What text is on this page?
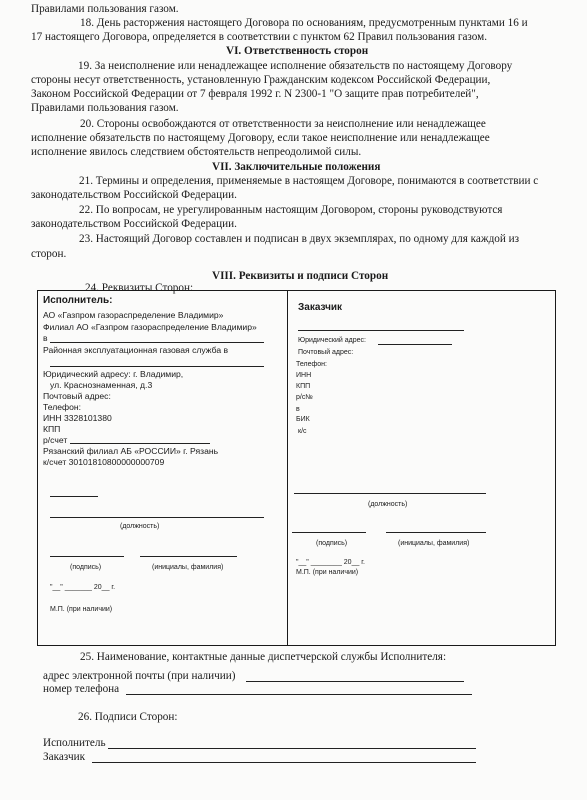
Правилами пользования газом.
18. День расторжения настоящего Договора по основаниям, предусмотренным пунктами 16 и
17 настоящего Договора, определяется в соответствии с пунктом 62 Правил пользования газом.
VI. Ответственность сторон
19. За неисполнение или ненадлежащее исполнение обязательств по настоящему Договору
стороны несут ответственность, установленную Гражданским кодексом Российской Федерации,
Законом Российской Федерации от 7 февраля 1992 г. N 2300-1 "О защите прав потребителей",
Правилами пользования газом.
20. Стороны освобождаются от ответственности за неисполнение или ненадлежащее
исполнение обязательств по настоящему Договору, если такое неисполнение или ненадлежащее
исполнение явилось следствием обстоятельств непреодолимой силы.
VII. Заключительные положения
21. Термины и определения, применяемые в настоящем Договоре, понимаются в соответствии с
законодательством Российской Федерации.
22. По вопросам, не урегулированным настоящим Договором, стороны руководствуются
законодательством Российской Федерации.
23. Настоящий Договор составлен и подписан в двух экземплярах, по одному для каждой из
сторон.
VIII. Реквизиты и подписи Сторон
24. Реквизиты Сторон:
Исполнитель:
АО «Газпром газораспределение Владимир»
Филиал АО «Газпром газораспределение Владимир»
в
Районная эксплуатационная газовая служба в
Юридический адресу: г. Владимир,
ул. Краснознаменная, д.3
Почтовый адрес:
Телефон:
ИНН 3328101380
КПП
р/счет
Рязанский филиал АБ «РОССИИ» г. Рязань
к/счет 30101810800000000709
(должность)
(подпись)	(инициалы, фамилия)
"__" _______ 20__ г.
М.П. (при наличии)
Заказчик
Юридический адрес:
Почтовый адрес:
Телефон:
ИНН
КПП
р/с№
в
БИК
к/с
(должность)
(подпись)	(инициалы, фамилия)
"__" ________ 20__ г.
М.П. (при наличии)
25. Наименование, контактные данные диспетчерской службы Исполнителя:
адрес электронной почты (при наличии)
номер телефона
26. Подписи Сторон:
Исполнитель
Заказчик
